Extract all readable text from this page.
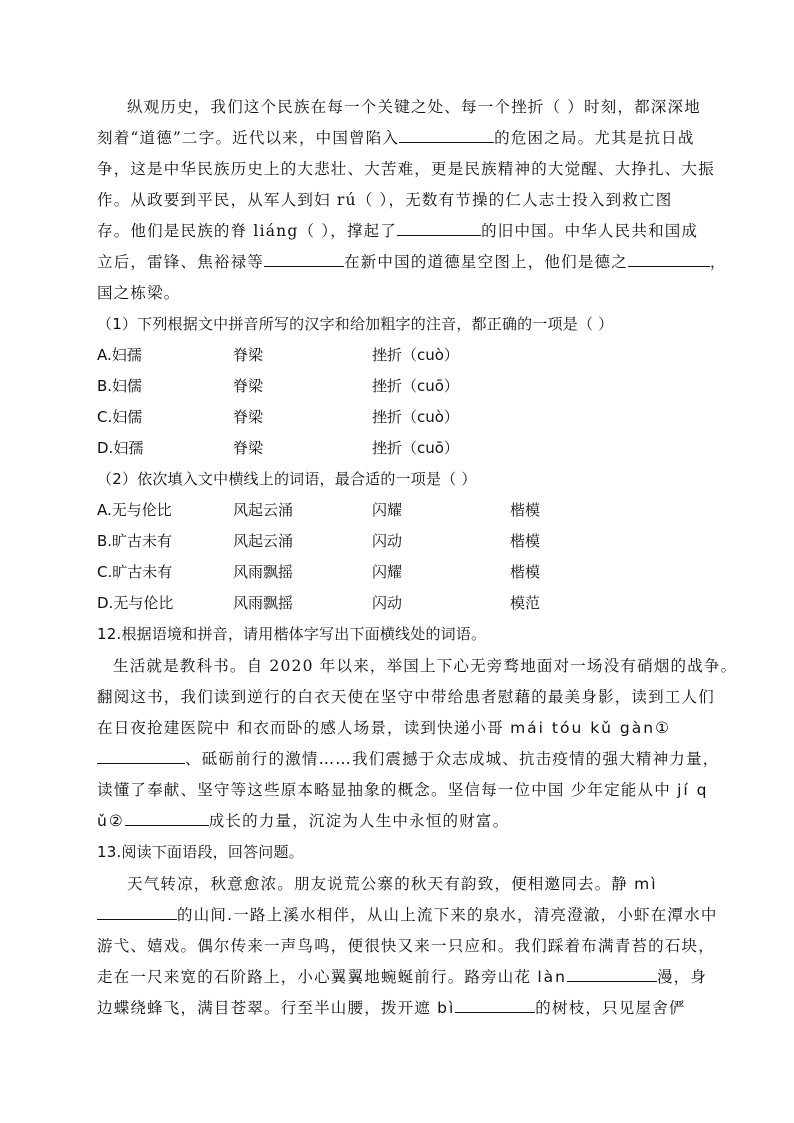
纵观历史，我们这个民族在每一个关键之处、每一个挫折（ ）时刻，都深深地
刻着“道德”二字。近代以来，中国曾陷入	的危困之局。尤其是抗日战
争，这是中华民族历史上的大悲壮、大苦难，更是民族精神的大觉醒、大挣扎、大振
作。从政要到平民，从军人到妇 rú（ ），无数有节操的仁人志士投入到救亡图
存。他们是民族的脊 liáng（ ），撑起了	的旧中国。中华人民共和国成
立后，雷锋、焦裕禄等	在新中国的道德星空图上，他们是德之	，
国之栋梁。
（1）下列根据文中拼音所写的汉字和给加粗字的注音，都正确的一项是（ ）
A.妇孺	脊梁	挫折（cuò）
B.妇儒	脊梁	挫折（cuō）
C.妇儒	脊梁	挫折（cuò）
D.妇孺	脊梁	挫折（cuō）
（2）依次填入文中横线上的词语，最合适的一项是（ ）
A.无与伦比	风起云涌	闪耀	楷模
B.旷古未有	风起云涌	闪动	楷模
C.旷古未有	风雨飘摇	闪耀	楷模
D.无与伦比	风雨飘摇	闪动	模范
12.根据语境和拼音，请用楷体字写出下面横线处的词语。
生活就是教科书。自 2020 年以来，举国上下心无旁骛地面对一场没有硝烟的战争。
翻阅这书，我们读到逆行的白衣天使在坚守中带给患者慰藉的最美身影，读到工人们
在日夜抢建医院中 和衣而卧的感人场景，读到快递小哥 mái tóu kǔ gàn①
、砥砺前行的激情……我们震撼于众志成城、抗击疫情的强大精神力量，
读懂了奉献、坚守等这些原本略显抽象的概念。坚信每一位中国 少年定能从中 jí q
ǔ②	成长的力量，沉淀为人生中永恒的财富。
13.阅读下面语段，回答问题。
天气转凉，秋意愈浓。朋友说荒公寨的秋天有韵致，便相邀同去。静 mì
的山间.一路上溪水相伴，从山上流下来的泉水，清亮澄澈，小虾在潭水中
游弋、嬉戏。偶尔传来一声鸟鸣，便很快又来一只应和。我们踩着布满青苔的石块，
走在一尺来宽的石阶路上，小心翼翼地蜿蜒前行。路旁山花 làn	漫，身
边蝶绕蜂飞，满目苍翠。行至半山腰，拨开遮 bì	的树枝，只见屋舍俨
